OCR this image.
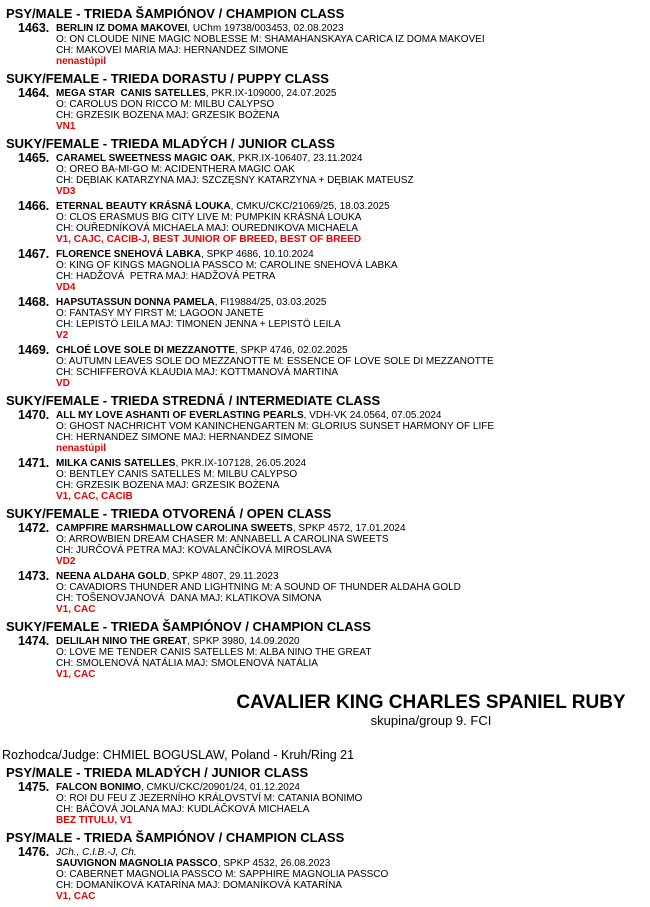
PSY/MALE - TRIEDA ŠAMPIÓNOV / CHAMPION CLASS
1463. BERLIN IZ DOMA MAKOVEI, UChm 19738/003453, 02.08.2023
O: ON CLOUDE NINE MAGIC NOBLESSE M: SHAMAHANSKAYA CARICA IZ DOMA MAKOVEI
CH: MAKOVEI MARIA MAJ: HERNANDEZ SIMONE
nenastúpil
SUKY/FEMALE - TRIEDA DORASTU / PUPPY CLASS
1464. MEGA STAR  CANIS SATELLES, PKR.IX-109000, 24.07.2025
O: CAROLUS DON RICCO M: MILBU CALYPSO
CH: GRZESIK BOZENA MAJ: GRZESIK BOŻENA
VN1
SUKY/FEMALE - TRIEDA MLADÝCH / JUNIOR CLASS
1465. CARAMEL SWEETNESS MAGIC OAK, PKR.IX-106407, 23.11.2024
O: OREO BA-MI-GO M: ACIDENTHERA MAGIC OAK
CH: DĘBIAK KATARZYNA MAJ: SZCZĘSNY KATARZYNA + DĘBIAK MATEUSZ
VD3
1466. ETERNAL BEAUTY KRÁSNÁ LOUKA, CMKU/CKC/21069/25, 18.03.2025
O: CLOS ERASMUS BIG CITY LIVE M: PUMPKIN KRÁSNÁ LOUKA
CH: OUŘEDNÍKOVÁ MICHAELA MAJ: OUREDNIKOVA MICHAELA
V1, CAJC, CACIB-J, BEST JUNIOR OF BREED, BEST OF BREED
1467. FLORENCE SNEHOVÁ LABKA, SPKP 4686, 10.10.2024
O: KING OF KINGS MAGNOLIA PASSCO M: CAROLINE SNEHOVÁ LABKA
CH: HADŽOVÁ  PETRA MAJ: HADŽOVÁ PETRA
VD4
1468. HAPSUTASSUN DONNA PAMELA, FI19884/25, 03.03.2025
O: FANTASY MY FIRST M: LAGOON JANETE
CH: LEPISTÖ LEILA MAJ: TIMONEN JENNA + LEPISTÖ LEILA
V2
1469. CHLOÉ LOVE SOLE DI MEZZANOTTE, SPKP 4746, 02.02.2025
O: AUTUMN LEAVES SOLE DO MEZZANOTTE M: ESSENCE OF LOVE SOLE DI MEZZANOTTE
CH: SCHIFFEROVÁ KLAUDIA MAJ: KOTTMANOVÁ MARTINA
VD
SUKY/FEMALE - TRIEDA STREDNÁ / INTERMEDIATE CLASS
1470. ALL MY LOVE ASHANTI OF EVERLASTING PEARLS, VDH-VK 24.0564, 07.05.2024
O: GHOST NACHRICHT VOM KANINCHENGARTEN M: GLORIUS SUNSET HARMONY OF LIFE
CH: HERNANDEZ SIMONE MAJ: HERNANDEZ SIMONE
nenastúpil
1471. MILKA CANIS SATELLES, PKR.IX-107128, 26.05.2024
O: BENTLEY CANIS SATELLES M: MILBU CALYPSO
CH: GRZESIK BOZENA MAJ: GRZESIK BOŻENA
V1, CAC, CACIB
SUKY/FEMALE - TRIEDA OTVORENÁ / OPEN CLASS
1472. CAMPFIRE MARSHMALLOW CAROLINA SWEETS, SPKP 4572, 17.01.2024
O: ARROWBIEN DREAM CHASER M: ANNABELL A CAROLINA SWEETS
CH: JURČOVÁ PETRA MAJ: KOVALANČÍKOVÁ MIROSLAVA
VD2
1473. NEENA ALDAHA GOLD, SPKP 4807, 29.11.2023
O: CAVADIORS THUNDER AND LIGHTNING M: A SOUND OF THUNDER ALDAHA GOLD
CH: TOŠENOVJANOVÁ  DANA MAJ: KLATIKOVA SIMONA
V1, CAC
SUKY/FEMALE - TRIEDA ŠAMPIÓNOV / CHAMPION CLASS
1474. DELILAH NINO THE GREAT, SPKP 3980, 14.09.2020
O: LOVE ME TENDER CANIS SATELLES M: ALBA NINO THE GREAT
CH: SMOLENOVÁ NATÁLIA MAJ: SMOLENOVÁ NATÁLIA
V1, CAC
CAVALIER KING CHARLES SPANIEL RUBY
skupina/group 9. FCI
Rozhodca/Judge: CHMIEL BOGUSLAW, Poland - Kruh/Ring 21
PSY/MALE - TRIEDA MLADÝCH / JUNIOR CLASS
1475. FALCON BONIMO, CMKU/CKC/20901/24, 01.12.2024
O: ROI DU FEU Z JEZERNÍHO KRÁLOVSTVÍ M: CATANIA BONIMO
CH: BÁČOVÁ JOLANA MAJ: KUDLÁČKOVÁ MICHAELA
BEZ TITULU, V1
PSY/MALE - TRIEDA ŠAMPIÓNOV / CHAMPION CLASS
1476. JCh., C.I.B.-J, Ch.
SAUVIGNON MAGNOLIA PASSCO, SPKP 4532, 26.08.2023
O: CABERNET MAGNOLIA PASSCO M: SAPPHIRE MAGNOLIA PASSCO
CH: DOMANÍKOVÁ KATARÍNA MAJ: DOMANÍKOVÁ KATARÍNA
V1, CAC
